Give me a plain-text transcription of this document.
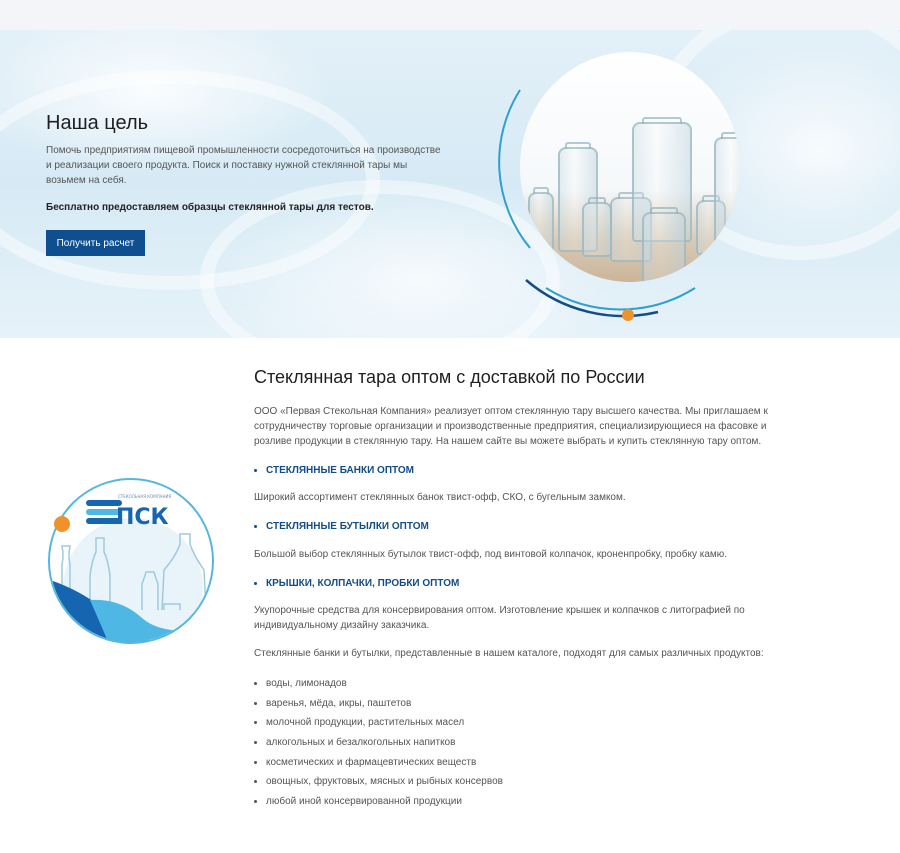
Наша цель

Помочь предприятиям пищевой промышленности сосредоточиться на производстве и реализации своего продукта. Поиск и поставку нужной стеклянной тары мы возьмем на себя.

Бесплатно предоставляем образцы стеклянной тары для тестов.

Получить расчет
Стеклянная тара оптом с доставкой по России

ООО «Первая Стекольная Компания» реализует оптом стеклянную тару высшего качества. Мы приглашаем к сотрудничеству торговые организации и производственные предприятия, специализирующиеся на фасовке и розливе продукции в стеклянную тару. На нашем сайте вы можете выбрать и купить стеклянную тару оптом.

СТЕКЛЯННЫЕ БАНКИ ОПТОМ

Широкий ассортимент стеклянных банок твист-офф, СКО, с бугельным замком.

СТЕКЛЯННЫЕ БУТЫЛКИ ОПТОМ

Большой выбор стеклянных бутылок твист-офф, под винтовой колпачок, кроненпробку, пробку камю.

КРЫШКИ, КОЛПАЧКИ, ПРОБКИ ОПТОМ

Укупорочные средства для консервирования оптом. Изготовление крышек и колпачков с литографией по индивидуальному дизайну заказчика.

Стеклянные банки и бутылки, представленные в нашем каталоге, подходят для самых различных продуктов:

воды, лимонадов
варенья, мёда, икры, паштетов
молочной продукции, растительных масел
алкогольных и безалкогольных напитков
косметических и фармацевтических веществ
овощных, фруктовых, мясных и рыбных консервов
любой иной консервированной продукции
ПСК
СТЕКОЛЬНАЯ КОМПАНИЯ
